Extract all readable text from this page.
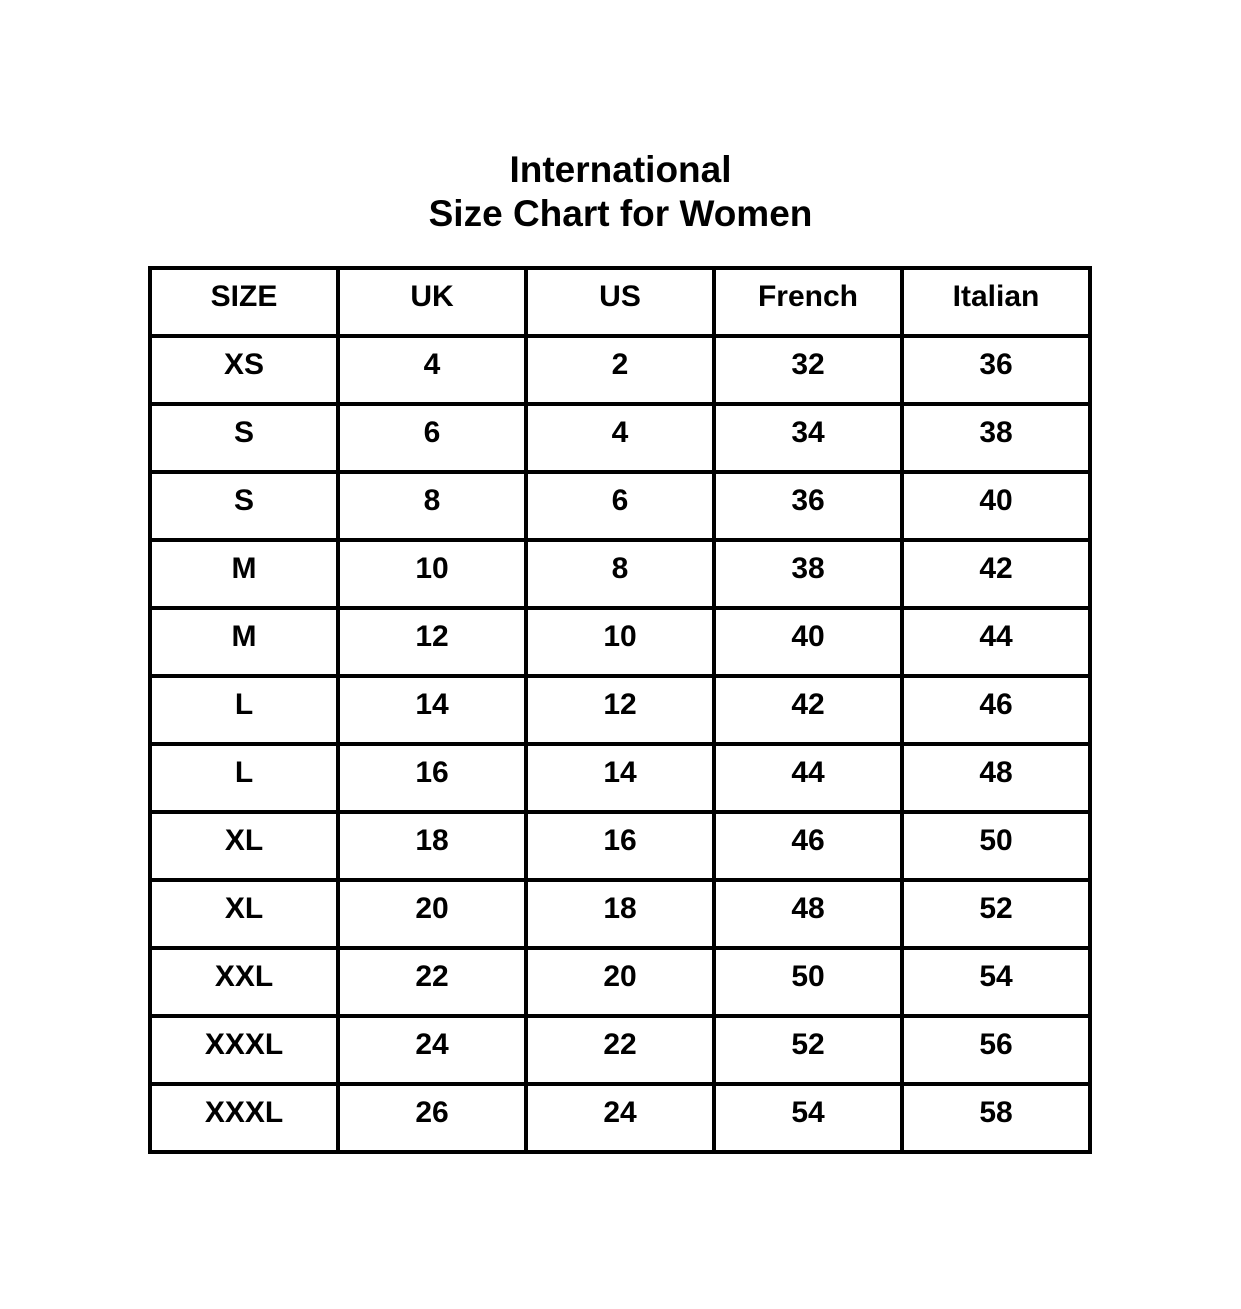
International
Size Chart for Women
SIZE	UK	US	French	Italian
XS	4	2	32	36
S	6	4	34	38
S	8	6	36	40
M	10	8	38	42
M	12	10	40	44
L	14	12	42	46
L	16	14	44	48
XL	18	16	46	50
XL	20	18	48	52
XXL	22	20	50	54
XXXL	24	22	52	56
XXXL	26	24	54	58
